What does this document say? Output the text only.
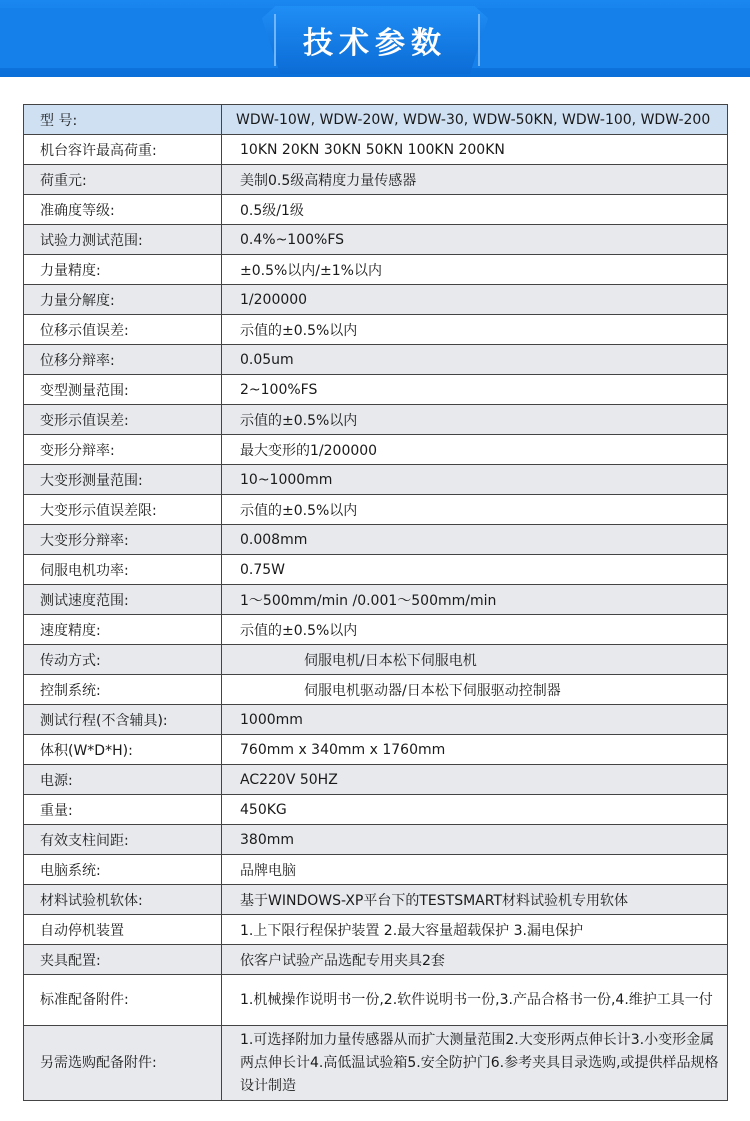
技术参数
型 号:	WDW-10W, WDW-20W, WDW-30, WDW-50KN, WDW-100, WDW-200
机台容许最高荷重:	10KN 20KN 30KN 50KN 100KN 200KN
荷重元:	美制0.5级高精度力量传感器
准确度等级:	0.5级/1级
试验力测试范围:	0.4%~100%FS
力量精度:	±0.5%以内/±1%以内
力量分解度:	1/200000
位移示值误差:	示值的±0.5%以内
位移分辩率:	0.05um
变型测量范围:	2~100%FS
变形示值误差:	示值的±0.5%以内
变形分辩率:	最大变形的1/200000
大变形测量范围:	10~1000mm
大变形示值误差限:	示值的±0.5%以内
大变形分辩率:	0.008mm
伺服电机功率:	0.75W
测试速度范围:	1～500mm/min /0.001～500mm/min
速度精度:	示值的±0.5%以内
传动方式:	伺服电机/日本松下伺服电机
控制系统:	伺服电机驱动器/日本松下伺服驱动控制器
测试行程(不含辅具):	1000mm
体积(W*D*H):	760mm x 340mm x 1760mm
电源:	AC220V 50HZ
重量:	450KG
有效支柱间距:	380mm
电脑系统:	品牌电脑
材料试验机软体:	基于WINDOWS-XP平台下的TESTSMART材料试验机专用软体
自动停机装置	1.上下限行程保护装置 2.最大容量超载保护 3.漏电保护
夹具配置:	依客户试验产品选配专用夹具2套
标准配备附件:	1.机械操作说明书一份,2.软件说明书一份,3.产品合格书一份,4.维护工具一付
另需选购配备附件:	1.可选择附加力量传感器从而扩大测量范围2.大变形两点伸长计3.小变形金属两点伸长计4.高低温试验箱5.安全防护门6.参考夹具目录选购,或提供样品规格设计制造
